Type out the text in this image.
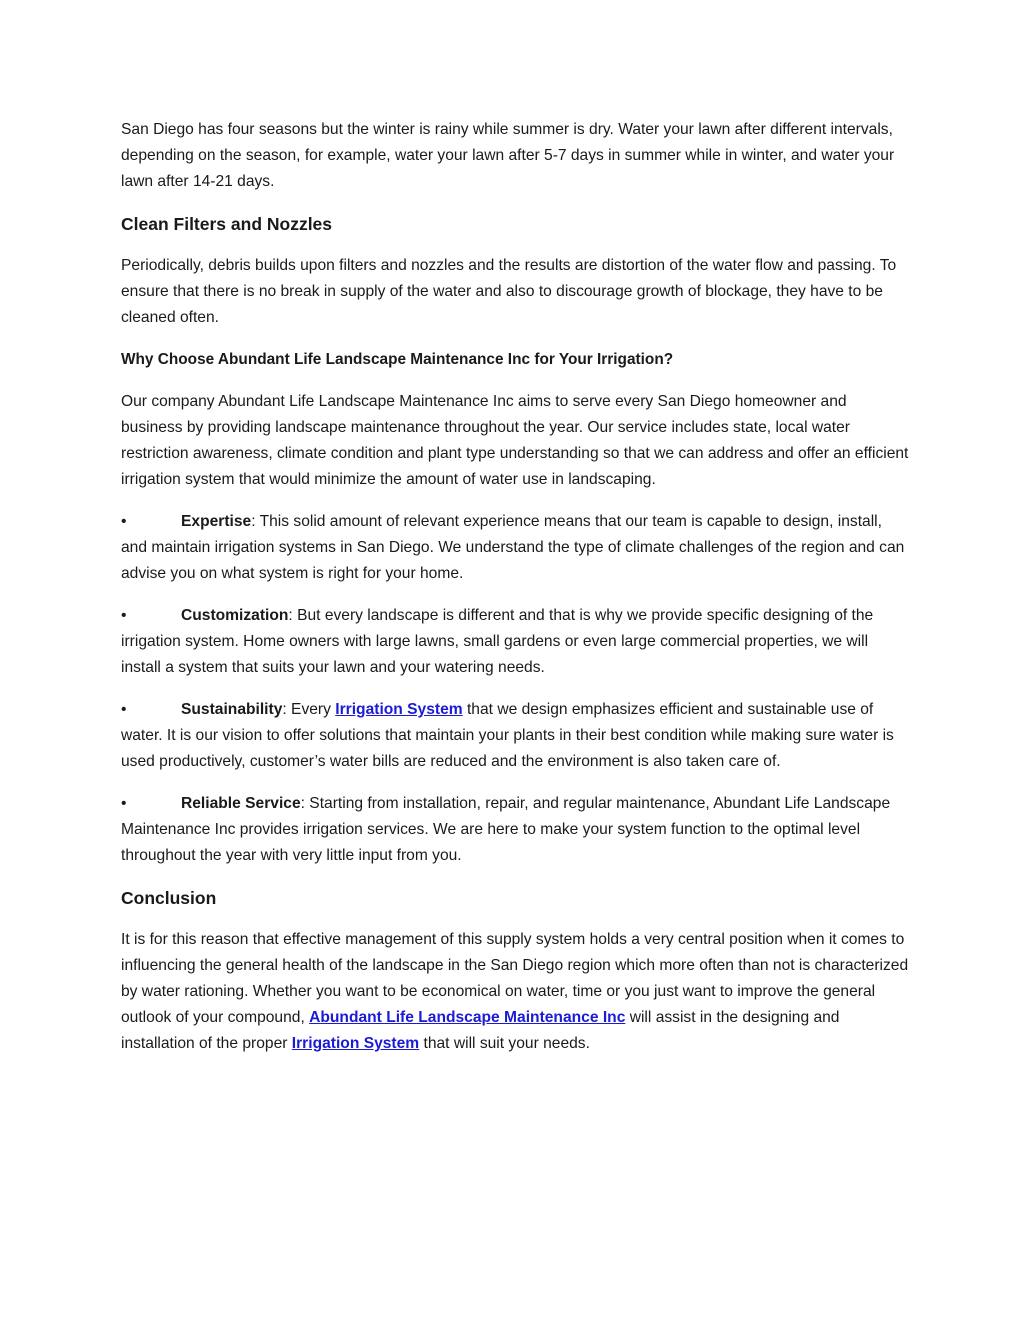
San Diego has four seasons but the winter is rainy while summer is dry. Water your lawn after different intervals, depending on the season, for example, water your lawn after 5-7 days in summer while in winter, and water your lawn after 14-21 days.

Clean Filters and Nozzles

Periodically, debris builds upon filters and nozzles and the results are distortion of the water flow and passing. To ensure that there is no break in supply of the water and also to discourage growth of blockage, they have to be cleaned often.

Why Choose Abundant Life Landscape Maintenance Inc for Your Irrigation?

Our company Abundant Life Landscape Maintenance Inc aims to serve every San Diego homeowner and business by providing landscape maintenance throughout the year. Our service includes state, local water restriction awareness, climate condition and plant type understanding so that we can address and offer an efficient irrigation system that would minimize the amount of water use in landscaping.

•	Expertise: This solid amount of relevant experience means that our team is capable to design, install, and maintain irrigation systems in San Diego. We understand the type of climate challenges of the region and can advise you on what system is right for your home.

•	Customization: But every landscape is different and that is why we provide specific designing of the irrigation system. Home owners with large lawns, small gardens or even large commercial properties, we will install a system that suits your lawn and your watering needs.

•	Sustainability: Every Irrigation System that we design emphasizes efficient and sustainable use of water. It is our vision to offer solutions that maintain your plants in their best condition while making sure water is used productively, customer’s water bills are reduced and the environment is also taken care of.

•	Reliable Service: Starting from installation, repair, and regular maintenance, Abundant Life Landscape Maintenance Inc provides irrigation services. We are here to make your system function to the optimal level throughout the year with very little input from you.

Conclusion

It is for this reason that effective management of this supply system holds a very central position when it comes to influencing the general health of the landscape in the San Diego region which more often than not is characterized by water rationing. Whether you want to be economical on water, time or you just want to improve the general outlook of your compound, Abundant Life Landscape Maintenance Inc will assist in the designing and installation of the proper Irrigation System that will suit your needs.
